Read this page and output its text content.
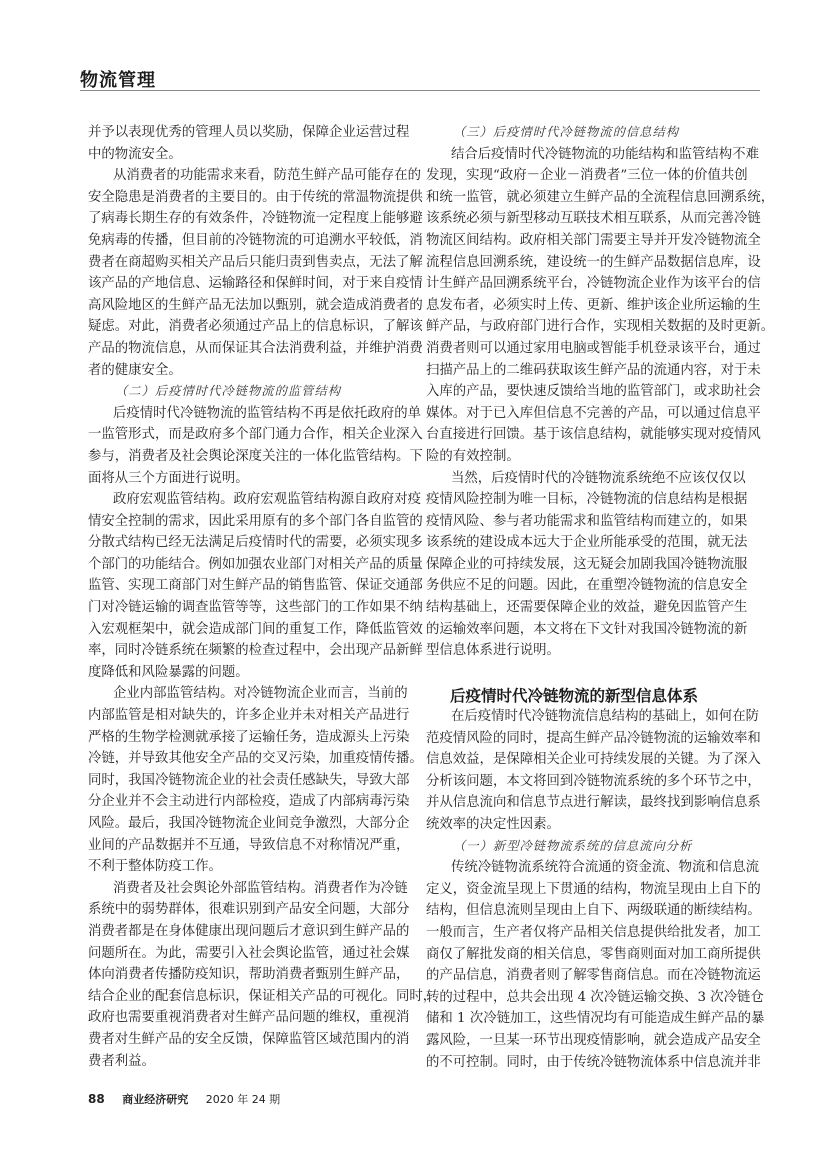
物流管理
并予以表现优秀的管理人员以奖励，保障企业运营过程
中的物流安全。
从消费者的功能需求来看，防范生鲜产品可能存在的
安全隐患是消费者的主要目的。由于传统的常温物流提供
了病毒长期生存的有效条件，冷链物流一定程度上能够避
免病毒的传播，但目前的冷链物流的可追溯水平较低，消
费者在商超购买相关产品后只能归责到售卖点，无法了解
该产品的产地信息、运输路径和保鲜时间，对于来自疫情
高风险地区的生鲜产品无法加以甄别，就会造成消费者的
疑虑。对此，消费者必须通过产品上的信息标识，了解该
产品的物流信息，从而保证其合法消费利益，并维护消费
者的健康安全。
（二）后疫情时代冷链物流的监管结构
后疫情时代冷链物流的监管结构不再是依托政府的单
一监管形式，而是政府多个部门通力合作，相关企业深入
参与，消费者及社会舆论深度关注的一体化监管结构。下
面将从三个方面进行说明。
政府宏观监管结构。政府宏观监管结构源自政府对疫
情安全控制的需求，因此采用原有的多个部门各自监管的
分散式结构已经无法满足后疫情时代的需要，必须实现多
个部门的功能结合。例如加强农业部门对相关产品的质量
监管、实现工商部门对生鲜产品的销售监管、保证交通部
门对冷链运输的调查监管等等，这些部门的工作如果不纳
入宏观框架中，就会造成部门间的重复工作，降低监管效
率，同时冷链系统在频繁的检查过程中，会出现产品新鲜
度降低和风险暴露的问题。
企业内部监管结构。对冷链物流企业而言，当前的
内部监管是相对缺失的，许多企业并未对相关产品进行
严格的生物学检测就承接了运输任务，造成源头上污染
冷链，并导致其他安全产品的交叉污染，加重疫情传播。
同时，我国冷链物流企业的社会责任感缺失，导致大部
分企业并不会主动进行内部检疫，造成了内部病毒污染
风险。最后，我国冷链物流企业间竞争激烈，大部分企
业间的产品数据并不互通，导致信息不对称情况严重，
不利于整体防疫工作。
消费者及社会舆论外部监管结构。消费者作为冷链
系统中的弱势群体，很难识别到产品安全问题，大部分
消费者都是在身体健康出现问题后才意识到生鲜产品的
问题所在。为此，需要引入社会舆论监管，通过社会媒
体向消费者传播防疫知识，帮助消费者甄别生鲜产品，
结合企业的配套信息标识，保证相关产品的可视化。同时，
政府也需要重视消费者对生鲜产品问题的维权，重视消
费者对生鲜产品的安全反馈，保障监管区域范围内的消
费者利益。
（三）后疫情时代冷链物流的信息结构
结合后疫情时代冷链物流的功能结构和监管结构不难
发现，实现“政府－企业－消费者”三位一体的价值共创
和统一监管，就必须建立生鲜产品的全流程信息回溯系统，
该系统必须与新型移动互联技术相互联系，从而完善冷链
物流区间结构。政府相关部门需要主导并开发冷链物流全
流程信息回溯系统，建设统一的生鲜产品数据信息库，设
计生鲜产品回溯系统平台，冷链物流企业作为该平台的信
息发布者，必须实时上传、更新、维护该企业所运输的生
鲜产品，与政府部门进行合作，实现相关数据的及时更新。
消费者则可以通过家用电脑或智能手机登录该平台，通过
扫描产品上的二维码获取该生鲜产品的流通内容，对于未
入库的产品，要快速反馈给当地的监管部门，或求助社会
媒体。对于已入库但信息不完善的产品，可以通过信息平
台直接进行回馈。基于该信息结构，就能够实现对疫情风
险的有效控制。
当然，后疫情时代的冷链物流系统绝不应该仅仅以
疫情风险控制为唯一目标，冷链物流的信息结构是根据
疫情风险、参与者功能需求和监管结构而建立的，如果
该系统的建设成本远大于企业所能承受的范围，就无法
保障企业的可持续发展，这无疑会加剧我国冷链物流服
务供应不足的问题。因此，在重塑冷链物流的信息安全
结构基础上，还需要保障企业的效益，避免因监管产生
的运输效率问题，本文将在下文针对我国冷链物流的新
型信息体系进行说明。
后疫情时代冷链物流的新型信息体系
在后疫情时代冷链物流信息结构的基础上，如何在防
范疫情风险的同时，提高生鲜产品冷链物流的运输效率和
信息效益，是保障相关企业可持续发展的关键。为了深入
分析该问题，本文将回到冷链物流系统的多个环节之中，
并从信息流向和信息节点进行解读，最终找到影响信息系
统效率的决定性因素。
（一）新型冷链物流系统的信息流向分析
传统冷链物流系统符合流通的资金流、物流和信息流
定义，资金流呈现上下贯通的结构，物流呈现由上自下的
结构，但信息流则呈现由上自下、两级联通的断续结构。
一般而言，生产者仅将产品相关信息提供给批发者，加工
商仅了解批发商的相关信息，零售商则面对加工商所提供
的产品信息，消费者则了解零售商信息。而在冷链物流运
转的过程中，总共会出现 4 次冷链运输交换、3 次冷链仓
储和 1 次冷链加工，这些情况均有可能造成生鲜产品的暴
露风险，一旦某一环节出现疫情影响，就会造成产品安全
的不可控制。同时，由于传统冷链物流体系中信息流并非
88 商业经济研究 2020 年 24 期
